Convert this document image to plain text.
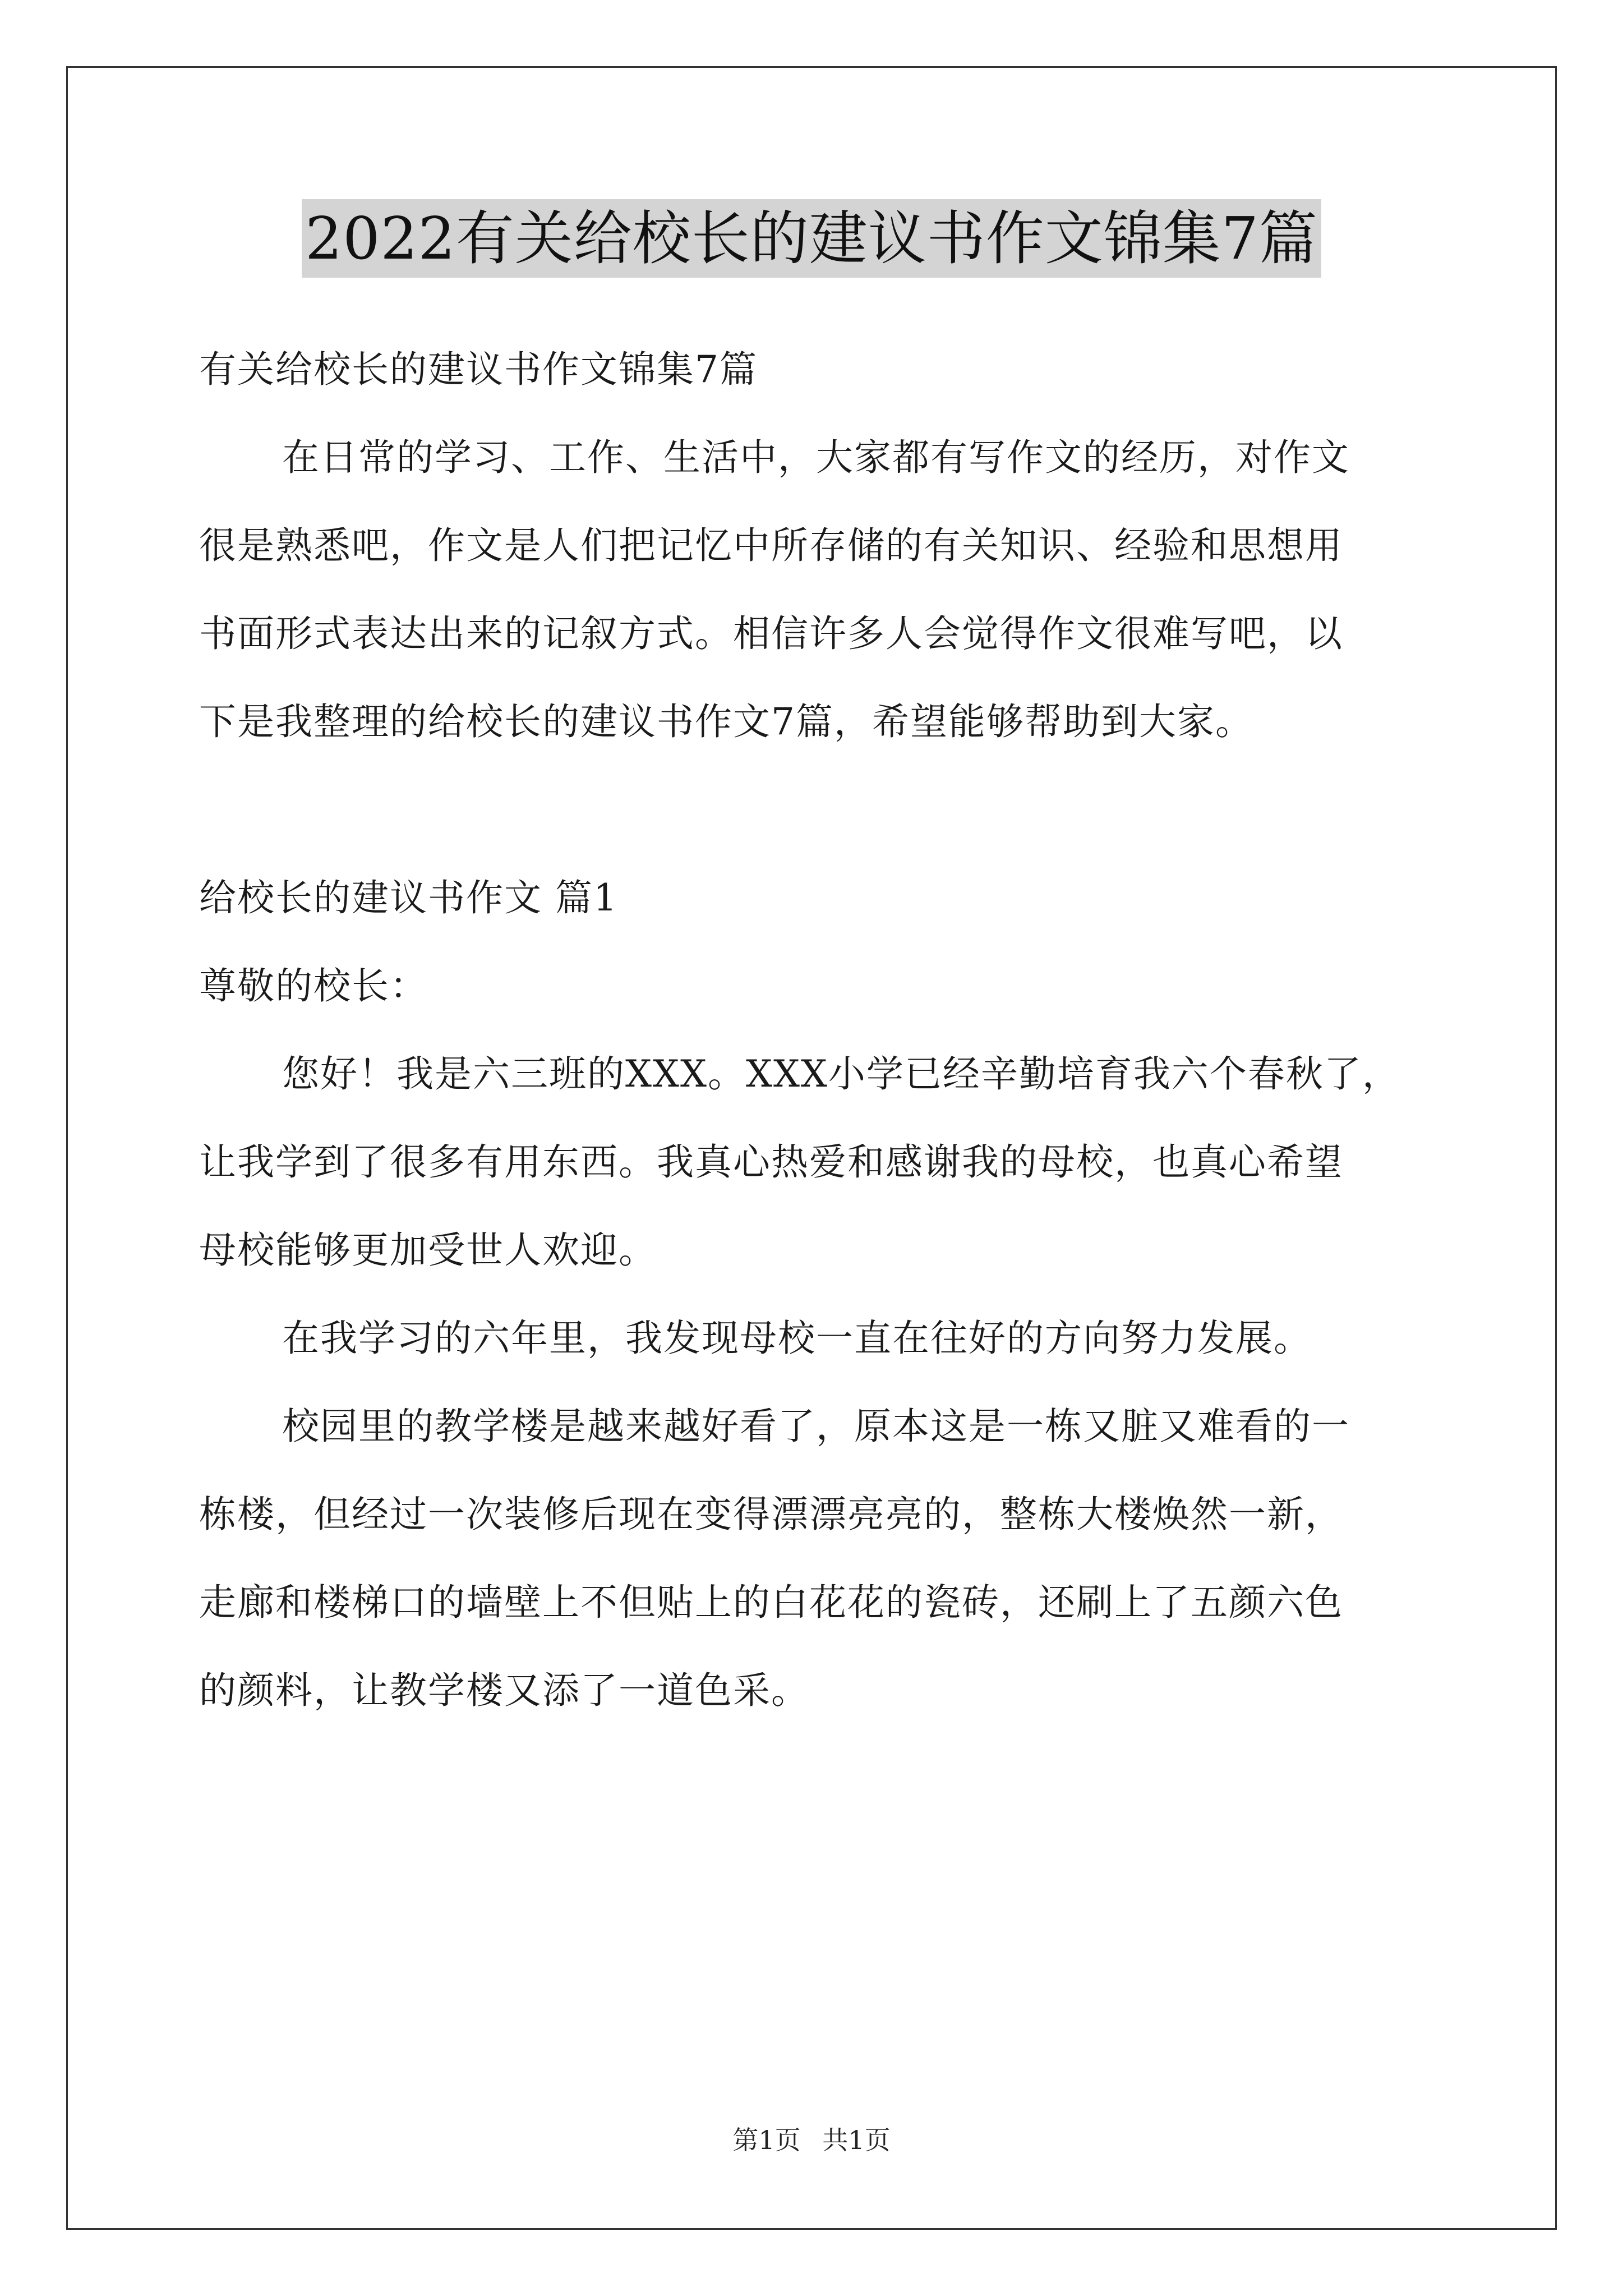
2022有关给校长的建议书作文锦集7篇
有关给校长的建议书作文锦集7篇
在日常的学习、工作、生活中，大家都有写作文的经历，对作文
很是熟悉吧，作文是人们把记忆中所存储的有关知识、经验和思想用
书面形式表达出来的记叙方式。相信许多人会觉得作文很难写吧，以
下是我整理的给校长的建议书作文7篇，希望能够帮助到大家。
给校长的建议书作文 篇1
尊敬的校长：
您好！我是六三班的XXX。XXX小学已经辛勤培育我六个春秋了，
让我学到了很多有用东西。我真心热爱和感谢我的母校，也真心希望
母校能够更加受世人欢迎。
在我学习的六年里，我发现母校一直在往好的方向努力发展。
校园里的教学楼是越来越好看了，原本这是一栋又脏又难看的一
栋楼，但经过一次装修后现在变得漂漂亮亮的，整栋大楼焕然一新，
走廊和楼梯口的墙壁上不但贴上的白花花的瓷砖，还刷上了五颜六色
的颜料，让教学楼又添了一道色采。
第1页 共1页
